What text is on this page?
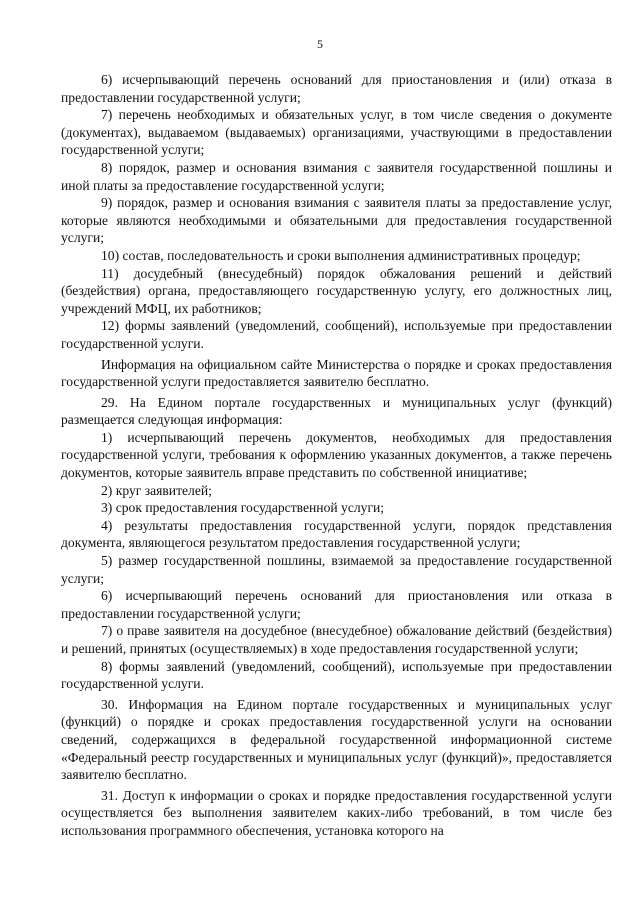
5

6) исчерпывающий перечень оснований для приостановления и (или) отказа в предоставлении государственной услуги;

7) перечень необходимых и обязательных услуг, в том числе сведения о документе (документах), выдаваемом (выдаваемых) организациями, участвующими в предоставлении государственной услуги;

8) порядок, размер и основания взимания с заявителя государственной пошлины и иной платы за предоставление государственной услуги;

9) порядок, размер и основания взимания с заявителя платы за предоставление услуг, которые являются необходимыми и обязательными для предоставления государственной услуги;

10) состав, последовательность и сроки выполнения административных процедур;

11) досудебный (внесудебный) порядок обжалования решений и действий (бездействия) органа, предоставляющего государственную услугу, его должностных лиц, учреждений МФЦ, их работников;

12) формы заявлений (уведомлений, сообщений), используемые при предоставлении государственной услуги.

Информация на официальном сайте Министерства о порядке и сроках предоставления государственной услуги предоставляется заявителю бесплатно.

29. На Едином портале государственных и муниципальных услуг (функций) размещается следующая информация:

1) исчерпывающий перечень документов, необходимых для предоставления государственной услуги, требования к оформлению указанных документов, а также перечень документов, которые заявитель вправе представить по собственной инициативе;

2) круг заявителей;

3) срок предоставления государственной услуги;

4) результаты предоставления государственной услуги, порядок представления документа, являющегося результатом предоставления государственной услуги;

5) размер государственной пошлины, взимаемой за предоставление государственной услуги;

6) исчерпывающий перечень оснований для приостановления или отказа в предоставлении государственной услуги;

7) о праве заявителя на досудебное (внесудебное) обжалование действий (бездействия) и решений, принятых (осуществляемых) в ходе предоставления государственной услуги;

8) формы заявлений (уведомлений, сообщений), используемые при предоставлении государственной услуги.

30. Информация на Едином портале государственных и муниципальных услуг (функций) о порядке и сроках предоставления государственной услуги на основании сведений, содержащихся в федеральной государственной информационной системе «Федеральный реестр государственных и муниципальных услуг (функций)», предоставляется заявителю бесплатно.

31. Доступ к информации о сроках и порядке предоставления государственной услуги осуществляется без выполнения заявителем каких-либо требований, в том числе без использования программного обеспечения, установка которого на
